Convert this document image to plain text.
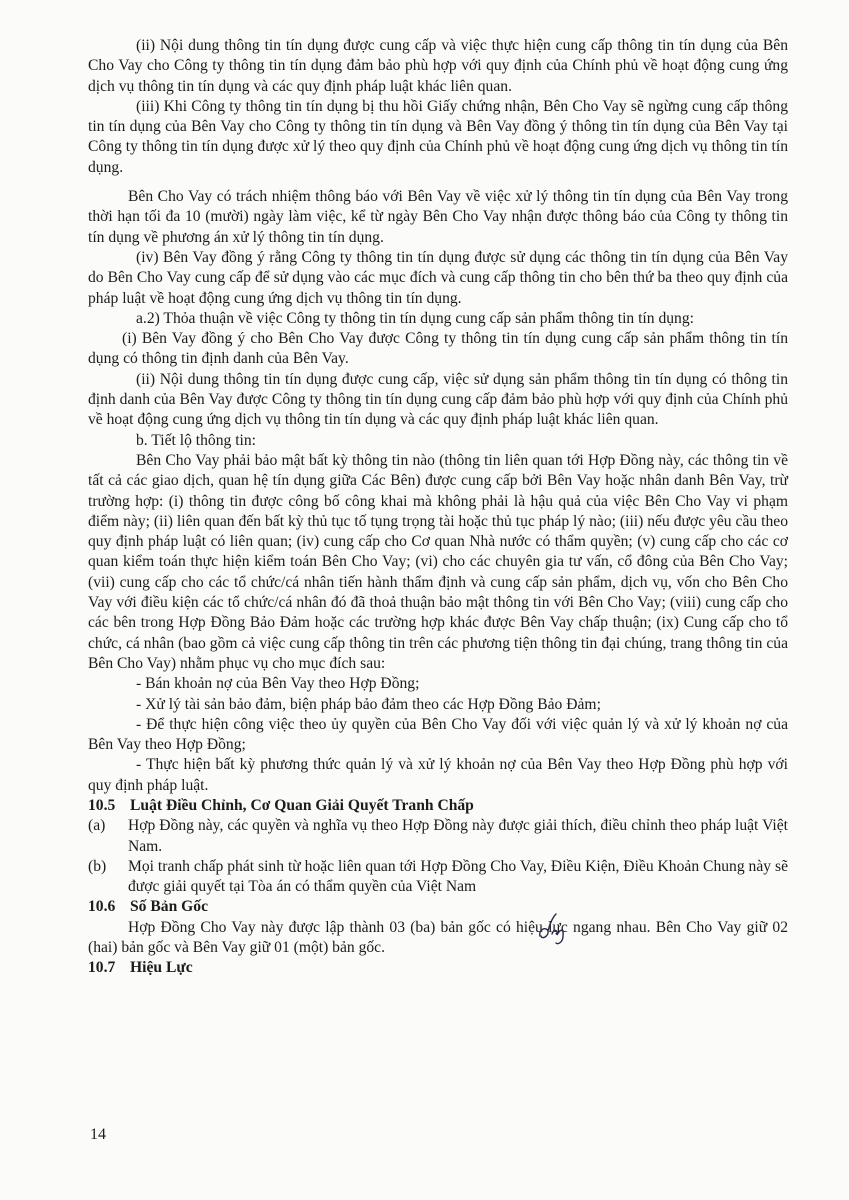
(ii) Nội dung thông tin tín dụng được cung cấp và việc thực hiện cung cấp thông tin tín dụng của Bên Cho Vay cho Công ty thông tin tín dụng đảm bảo phù hợp với quy định của Chính phủ về hoạt động cung ứng dịch vụ thông tin tín dụng và các quy định pháp luật khác liên quan.

(iii) Khi Công ty thông tin tín dụng bị thu hồi Giấy chứng nhận, Bên Cho Vay sẽ ngừng cung cấp thông tin tín dụng của Bên Vay cho Công ty thông tin tín dụng và Bên Vay đồng ý thông tin tín dụng của Bên Vay tại Công ty thông tin tín dụng được xử lý theo quy định của Chính phủ về hoạt động cung ứng dịch vụ thông tin tín dụng.

Bên Cho Vay có trách nhiệm thông báo với Bên Vay về việc xử lý thông tin tín dụng của Bên Vay trong thời hạn tối đa 10 (mười) ngày làm việc, kể từ ngày Bên Cho Vay nhận được thông báo của Công ty thông tin tín dụng về phương án xử lý thông tin tín dụng.

(iv) Bên Vay đồng ý rằng Công ty thông tin tín dụng được sử dụng các thông tin tín dụng của Bên Vay do Bên Cho Vay cung cấp để sử dụng vào các mục đích và cung cấp thông tin cho bên thứ ba theo quy định của pháp luật về hoạt động cung ứng dịch vụ thông tin tín dụng.

a.2) Thỏa thuận về việc Công ty thông tin tín dụng cung cấp sản phẩm thông tin tín dụng:

(i) Bên Vay đồng ý cho Bên Cho Vay được Công ty thông tin tín dụng cung cấp sản phẩm thông tin tín dụng có thông tin định danh của Bên Vay.

(ii) Nội dung thông tin tín dụng được cung cấp, việc sử dụng sản phẩm thông tin tín dụng có thông tin định danh của Bên Vay được Công ty thông tin tín dụng cung cấp đảm bảo phù hợp với quy định của Chính phủ về hoạt động cung ứng dịch vụ thông tin tín dụng và các quy định pháp luật khác liên quan.

b. Tiết lộ thông tin:

Bên Cho Vay phải bảo mật bất kỳ thông tin nào (thông tin liên quan tới Hợp Đồng này, các thông tin về tất cả các giao dịch, quan hệ tín dụng giữa Các Bên) được cung cấp bởi Bên Vay hoặc nhân danh Bên Vay, trừ trường hợp: (i) thông tin được công bố công khai mà không phải là hậu quả của việc Bên Cho Vay vi phạm điểm này; (ii) liên quan đến bất kỳ thủ tục tố tụng trọng tài hoặc thủ tục pháp lý nào; (iii) nếu được yêu cầu theo quy định pháp luật có liên quan; (iv) cung cấp cho Cơ quan Nhà nước có thẩm quyền; (v) cung cấp cho các cơ quan kiểm toán thực hiện kiểm toán Bên Cho Vay; (vi) cho các chuyên gia tư vấn, cổ đông của Bên Cho Vay; (vii) cung cấp cho các tổ chức/cá nhân tiến hành thẩm định và cung cấp sản phẩm, dịch vụ, vốn cho Bên Cho Vay với điều kiện các tổ chức/cá nhân đó đã thoả thuận bảo mật thông tin với Bên Cho Vay; (viii) cung cấp cho các bên trong Hợp Đồng Bảo Đảm hoặc các trường hợp khác được Bên Vay chấp thuận; (ix) Cung cấp cho tổ chức, cá nhân (bao gồm cả việc cung cấp thông tin trên các phương tiện thông tin đại chúng, trang thông tin của Bên Cho Vay) nhằm phục vụ cho mục đích sau:

- Bán khoản nợ của Bên Vay theo Hợp Đồng;

- Xử lý tài sản bảo đảm, biện pháp bảo đảm theo các Hợp Đồng Bảo Đảm;

- Để thực hiện công việc theo ủy quyền của Bên Cho Vay đối với việc quản lý và xử lý khoản nợ của Bên Vay theo Hợp Đồng;

- Thực hiện bất kỳ phương thức quản lý và xử lý khoản nợ của Bên Vay theo Hợp Đồng phù hợp với quy định pháp luật.

10.5 Luật Điều Chỉnh, Cơ Quan Giải Quyết Tranh Chấp

(a)	Hợp Đồng này, các quyền và nghĩa vụ theo Hợp Đồng này được giải thích, điều chỉnh theo pháp luật Việt Nam.
(b)	Mọi tranh chấp phát sinh từ hoặc liên quan tới Hợp Đồng Cho Vay, Điều Kiện, Điều Khoản Chung này sẽ được giải quyết tại Tòa án có thẩm quyền của Việt Nam

10.6 Số Bản Gốc

Hợp Đồng Cho Vay này được lập thành 03 (ba) bản gốc có hiệu lực ngang nhau. Bên Cho Vay giữ 02 (hai) bản gốc và Bên Vay giữ 01 (một) bản gốc.

10.7 Hiệu Lực

14
